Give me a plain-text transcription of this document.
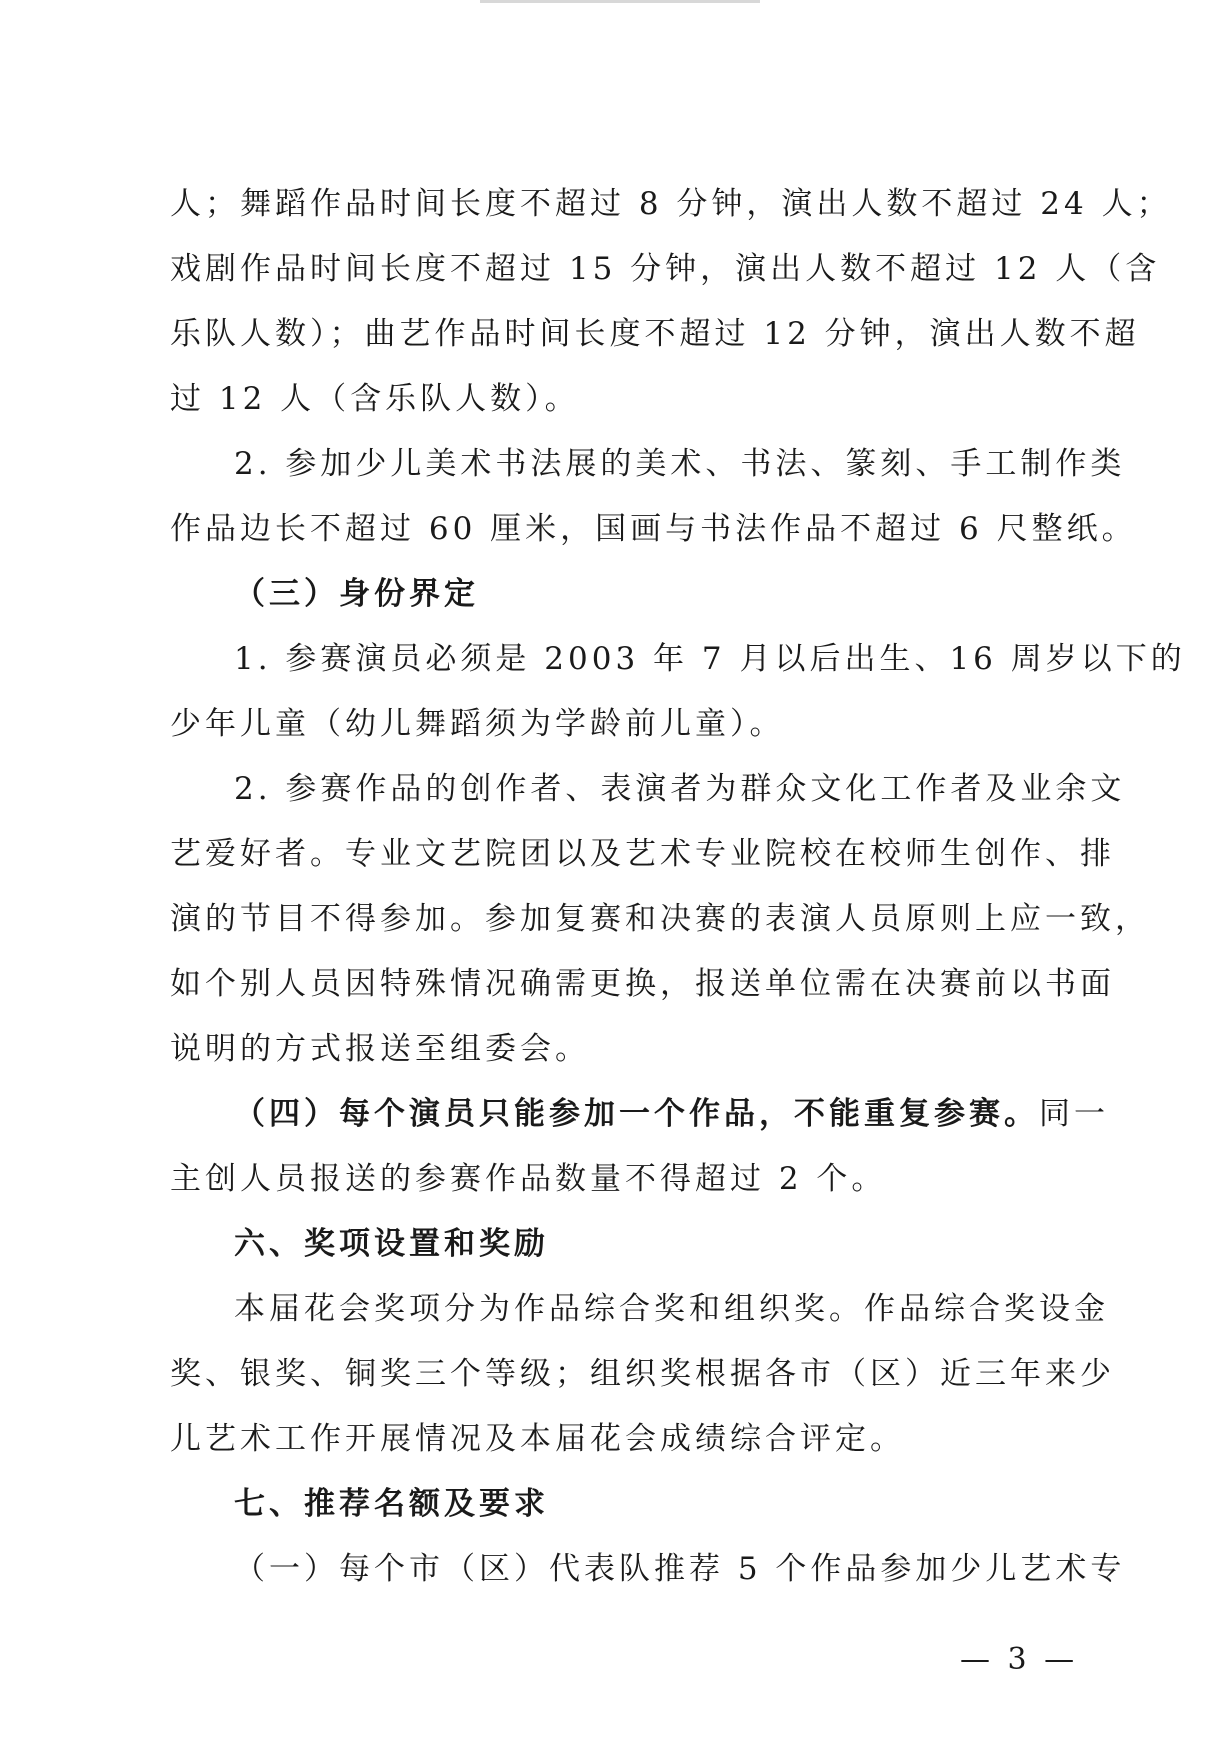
人；舞蹈作品时间长度不超过 8 分钟，演出人数不超过 24 人；
戏剧作品时间长度不超过 15 分钟，演出人数不超过 12 人（含
乐队人数）；曲艺作品时间长度不超过 12 分钟，演出人数不超
过 12 人（含乐队人数）。
2. 参加少儿美术书法展的美术、书法、篆刻、手工制作类
作品边长不超过 60 厘米，国画与书法作品不超过 6 尺整纸。
（三）身份界定
1. 参赛演员必须是 2003 年 7 月以后出生、16 周岁以下的
少年儿童（幼儿舞蹈须为学龄前儿童）。
2. 参赛作品的创作者、表演者为群众文化工作者及业余文
艺爱好者。专业文艺院团以及艺术专业院校在校师生创作、排
演的节目不得参加。参加复赛和决赛的表演人员原则上应一致，
如个别人员因特殊情况确需更换，报送单位需在决赛前以书面
说明的方式报送至组委会。
（四）每个演员只能参加一个作品，不能重复参赛。同一
主创人员报送的参赛作品数量不得超过 2 个。
六、奖项设置和奖励
本届花会奖项分为作品综合奖和组织奖。作品综合奖设金
奖、银奖、铜奖三个等级；组织奖根据各市（区）近三年来少
儿艺术工作开展情况及本届花会成绩综合评定。
七、推荐名额及要求
（一）每个市（区）代表队推荐 5 个作品参加少儿艺术专
— 3 —
